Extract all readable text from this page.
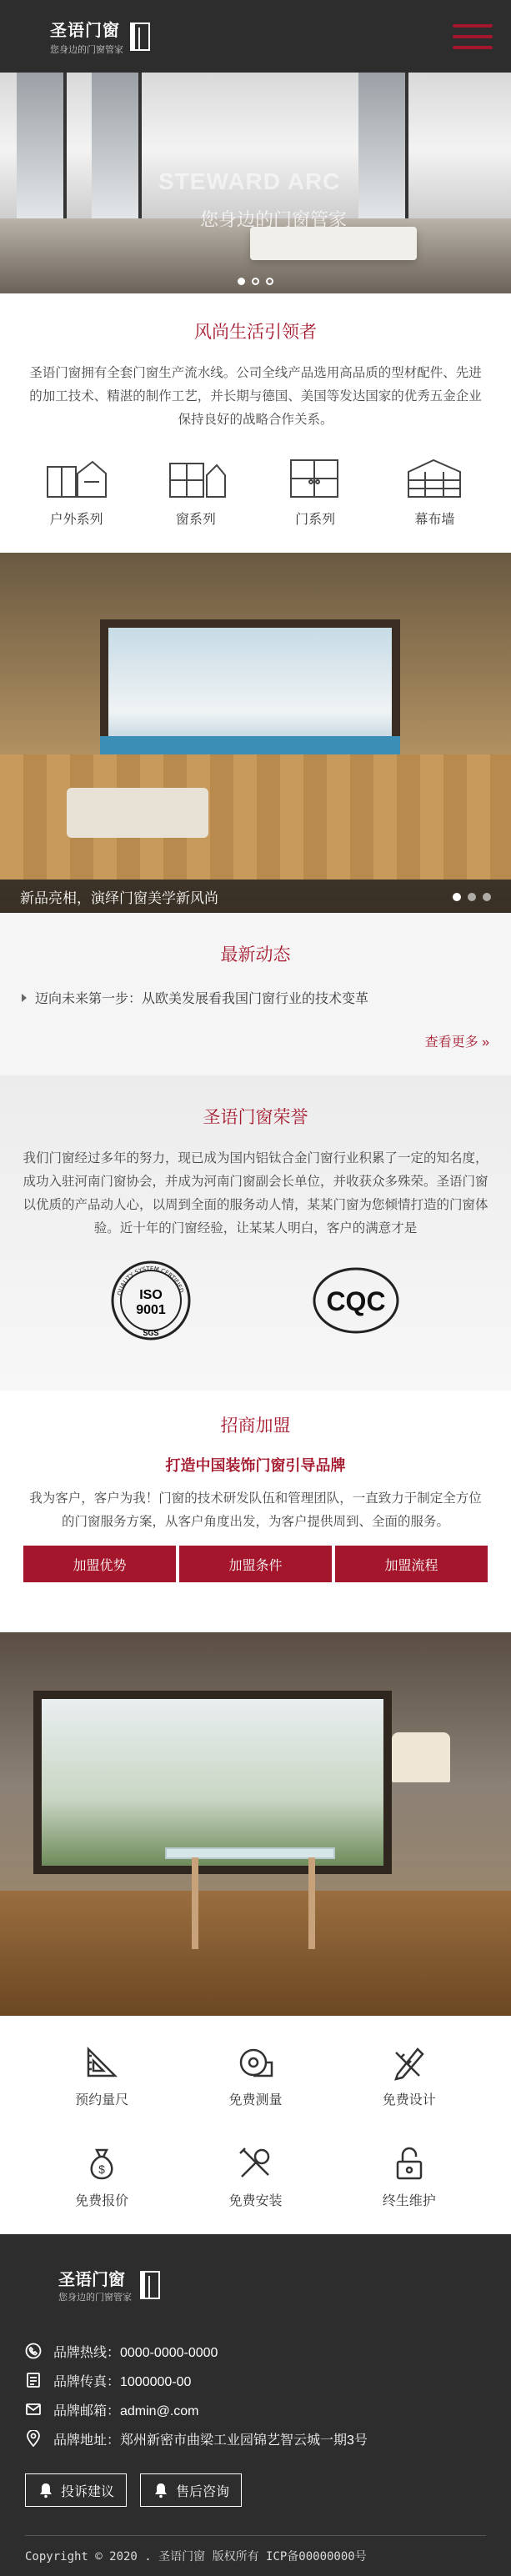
圣语门窗
您身边的门窗管家
STEWARD ARC
您身边的门窗管家
风尚生活引领者

圣语门窗拥有全套门窗生产流水线。公司全线产品选用高品质的型材配件、先进的加工技术、精湛的制作工艺，并长期与德国、美国等发达国家的优秀五金企业保持良好的战略合作关系。

户外系列	窗系列	门系列	幕布墙
新品亮相，演绎门窗美学新风尚
最新动态
迈向未来第一步：从欧美发展看我国门窗行业的技术变革
查看更多 »
圣语门窗荣誉

我们门窗经过多年的努力，现已成为国内铝钛合金门窗行业积累了一定的知名度，成功入驻河南门窗协会，并成为河南门窗副会长单位，并收获众多殊荣。圣语门窗以优质的产品动人心，以周到全面的服务动人情，某某门窗为您倾情打造的门窗体验。近十年的门窗经验，让某某人明白，客户的满意才是

QUALITY SYSTEM CERTIFIED
ISO
9001
SGS
CQC
招商加盟
打造中国装饰门窗引导品牌

我为客户，客户为我！门窗的技术研发队伍和管理团队，一直致力于制定全方位的门窗服务方案，从客户角度出发，为客户提供周到、全面的服务。

加盟优势	加盟条件	加盟流程
预约量尺	免费测量	免费设计
$
免费报价	免费安装	终生维护
圣语门窗
您身边的门窗管家
品牌热线：0000-0000-0000
品牌传真：1000000-00
品牌邮箱：admin@.com
品牌地址：郑州新密市曲梁工业园锦艺智云城一期3号
投诉建议	售后咨询
Copyright © 2020 . 圣语门窗 版权所有 ICP备00000000号
